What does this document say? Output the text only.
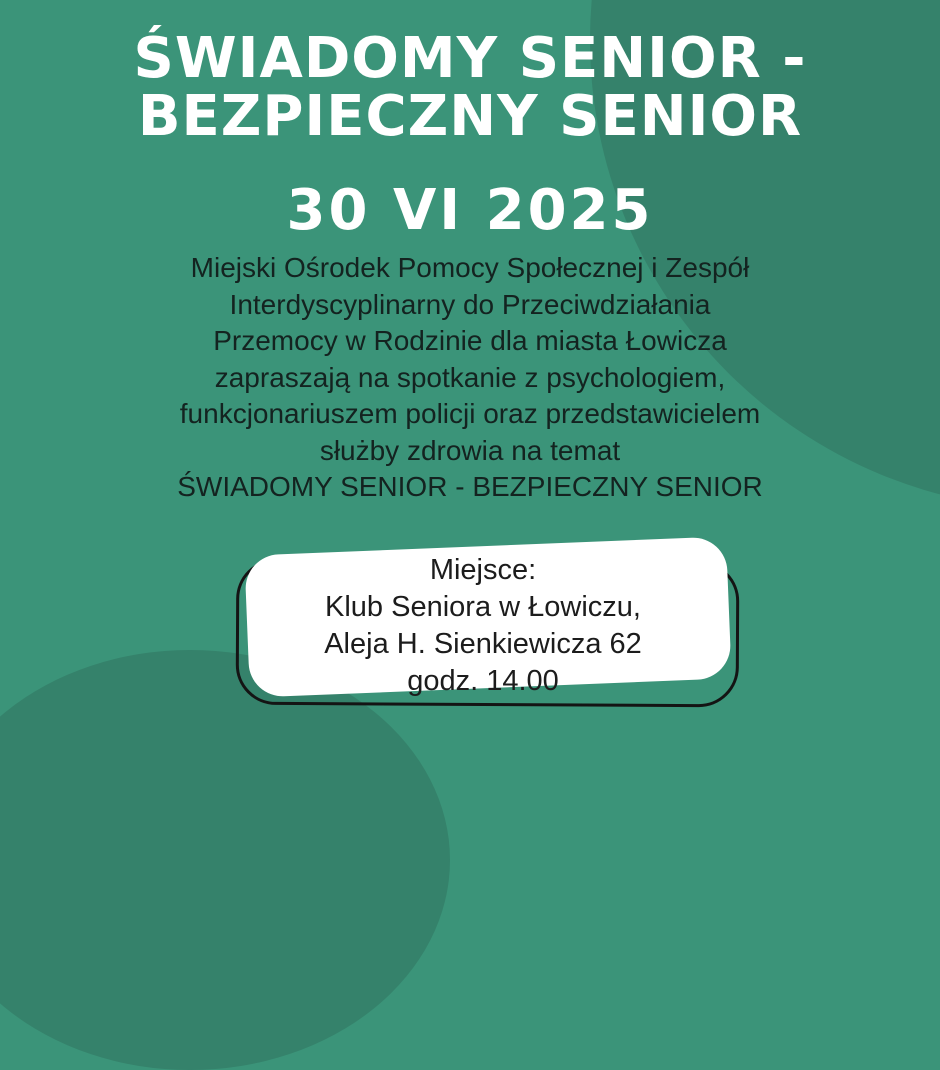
ŚWIADOMY SENIOR -
BEZPIECZNY SENIOR
30 VI 2025
Miejski Ośrodek Pomocy Społecznej i Zespół
Interdyscyplinarny do Przeciwdziałania
Przemocy w Rodzinie dla miasta Łowicza
zapraszają na spotkanie z psychologiem,
funkcjonariuszem policji oraz przedstawicielem
służby zdrowia na temat
ŚWIADOMY SENIOR - BEZPIECZNY SENIOR
Miejsce:
Klub Seniora w Łowiczu,
Aleja H. Sienkiewicza 62
godz. 14.00
